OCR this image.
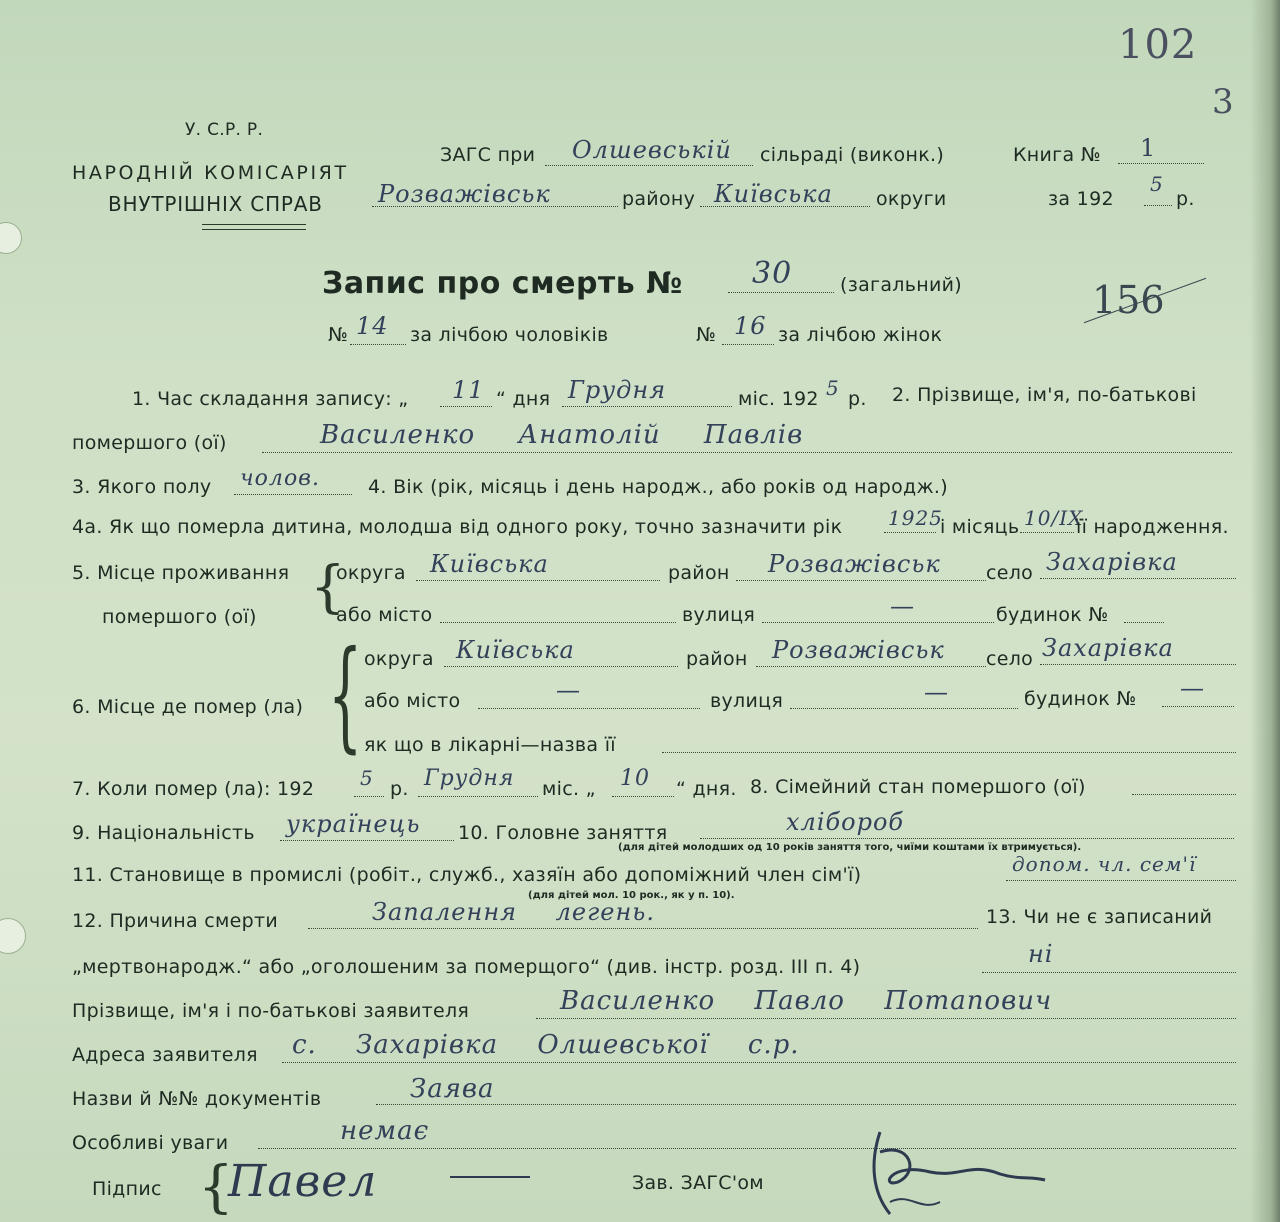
102
3
У. С.Р. Р.
НАРОДНІЙ КОМІСАРІЯТ
ВНУТРІШНІХ СПРАВ
ЗАГС при Олшевській сільраді (виконк.)
Розважівськ	району Київська округи
Книга № 1
за 192
5
р.
Запис про смерть № 30	(загальний)	156
№ 14 за лічбою чоловіків	№ 16 за лічбою жінок
1. Час складання запису: „ 11 “ дня Грудня	міс. 192 5 р. 2. Прізвище, ім'я, по-батькові
помершого (ої)	Василенко Анатолій Павлів
3. Якого полу чолов.	4. Вік (рік, місяць і день народж., або років од народж.)
4а. Як що померла дитина, молодша від одного року, точно зазначити рік 1925
і місяць 10/IX
її народження.
5. Місце проживання
помершого (ої) {
округа Київська	район Розважівськ село Захарівка
або місто	вулиця	—	будинок №
6. Місце де помер (ла) { округа Київська	район Розважівськ село Захарівка
або місто	—	вулиця	—	будинок № —
як що в лікарні—назва її
7. Коли помер (ла): 192 5 р. Грудня міс. „ 10 “ дня. 8. Сімейний стан помершого (ої)
9. Національність українець 10. Головне заняття	хлібороб
(для дітей молодших од 10 років заняття того, чиїми коштами їх втримується).
11. Становище в промислі (робіт., служб., хазяїн або допоміжний член сім'ї)	допом. чл. сем'ї
(для дітей мол. 10 рок., як у п. 10).
12. Причина смерти	Запалення легень.	13. Чи не є записаний
„мертвонародж.“ або „оголошеним за померщого“ (див. інстр. розд. III п. 4)	ні
Прізвище, ім'я і по-батькові заявителя	Василенко Павло Потапович
Адреса заявителя с. Захарівка Олшевської с.р.
Назви й №№ документів	Заява
Особливі уваги	немає
Підпис {
Павел	Зав. ЗАГС'ом
